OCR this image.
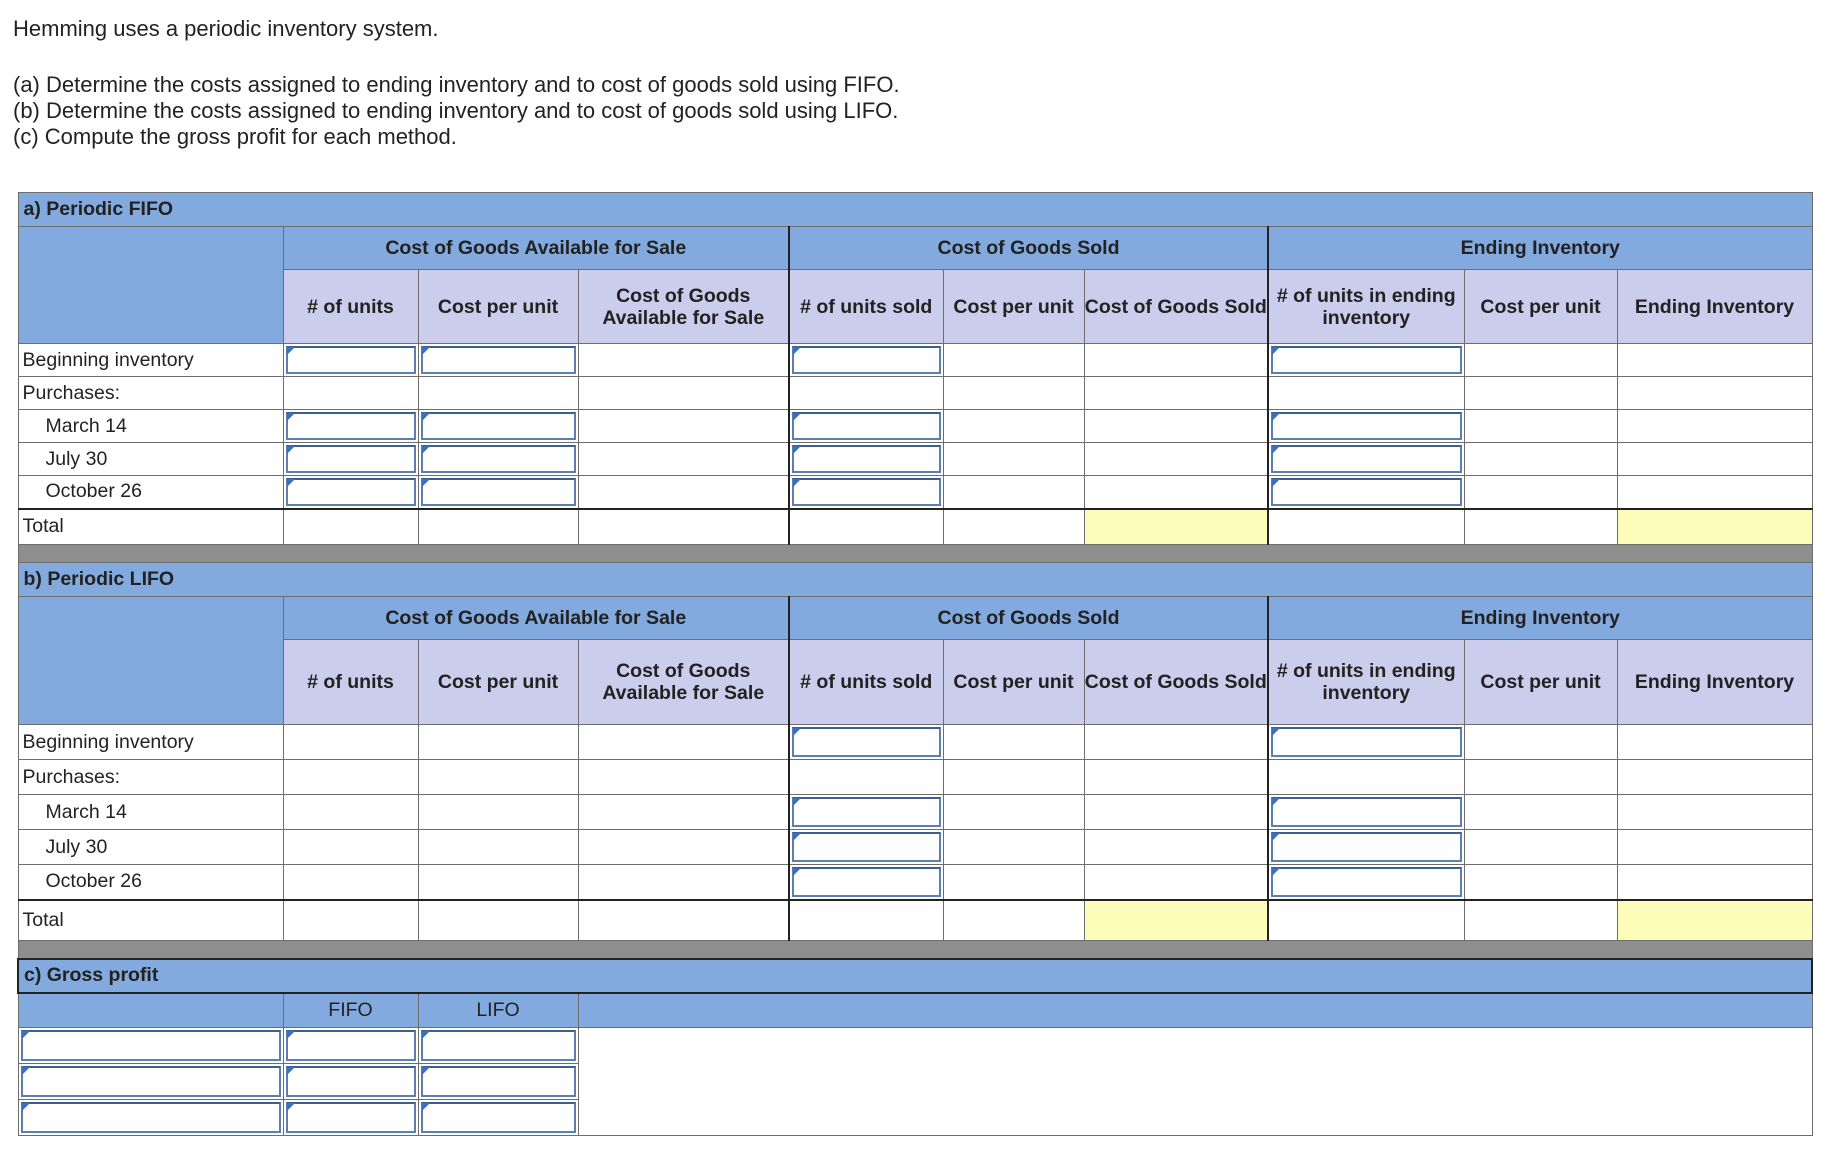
Hemming uses a periodic inventory system.

(a) Determine the costs assigned to ending inventory and to cost of goods sold using FIFO.

(b) Determine the costs assigned to ending inventory and to cost of goods sold using LIFO.

(c) Compute the gross profit for each method.

a) Periodic FIFO									
	Cost of Goods Available for Sale			Cost of Goods Sold			Ending Inventory		
	# of units	Cost per unit	Cost of Goods Available for Sale	# of units sold	Cost per unit	Cost of Goods Sold	# of units in ending inventory	Cost per unit	Ending Inventory
Beginning inventory									
Purchases:									
March 14									
July 30									
October 26									
Total									

b) Periodic LIFO									
	Cost of Goods Available for Sale			Cost of Goods Sold			Ending Inventory		
	# of units	Cost per unit	Cost of Goods Available for Sale	# of units sold	Cost per unit	Cost of Goods Sold	# of units in ending inventory	Cost per unit	Ending Inventory
Beginning inventory									
Purchases:									
March 14									
July 30									
October 26									
Total									

c) Gross profit									
	FIFO	LIFO							
